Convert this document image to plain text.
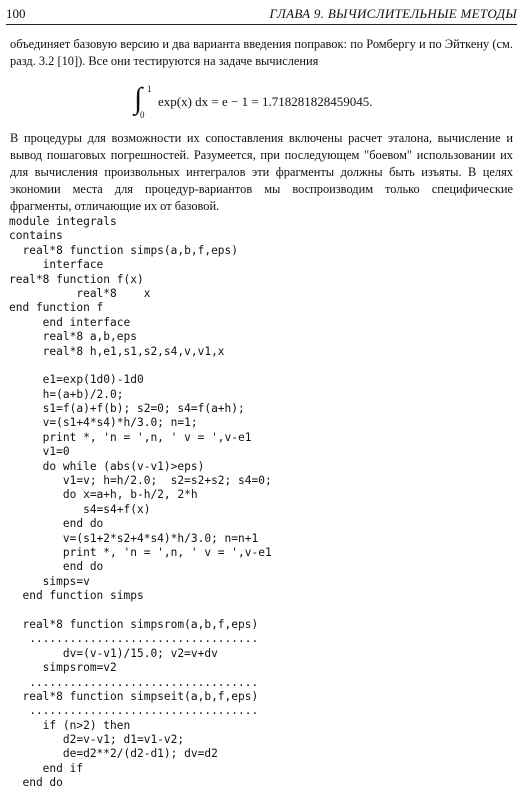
100	ГЛАВА 9. ВЫЧИСЛИТЕЛЬНЫЕ МЕТОДЫ
объединяет базовую версию и два варианта введения поправок: по Ромбергу и по Эйткену (см. разд. 3.2 [10]). Все они тестируются на задаче вычисления
∫ 1
0
exp(x) dx = e − 1 = 1.718281828459045.
В процедуры для возможности их сопоставления включены расчет эталона, вычисление и вывод пошаговых погрешностей. Разумеется, при последующем "боевом" использовании их для вычисления произвольных интегралов эти фрагменты должны быть изъяты. В целях экономии места для процедур-вариантов мы воспроизводим только специфические фрагменты, отличающие их от базовой.
module integrals
contains
real*8 function simps(a,b,f,eps)
interface
real*8 function f(x)
real*8    x
end function f
end interface
real*8 a,b,eps
real*8 h,e1,s1,s2,s4,v,v1,x
e1=exp(1d0)-1d0
h=(a+b)/2.0;
s1=f(a)+f(b); s2=0; s4=f(a+h);
v=(s1+4*s4)*h/3.0; n=1;
print *, 'n = ',n, ' v = ',v-e1
v1=0
do while (abs(v-v1)>eps)
v1=v; h=h/2.0;  s2=s2+s2; s4=0;
do x=a+h, b-h/2, 2*h
s4=s4+f(x)
end do
v=(s1+2*s2+4*s4)*h/3.0; n=n+1
print *, 'n = ',n, ' v = ',v-e1
end do
simps=v
end function simps
real*8 function simpsrom(a,b,f,eps)
..................................
dv=(v-v1)/15.0; v2=v+dv
simpsrom=v2
..................................
real*8 function simpseit(a,b,f,eps)
..................................
if (n>2) then
d2=v-v1; d1=v1-v2;
de=d2**2/(d2-d1); dv=d2
end if
end do
